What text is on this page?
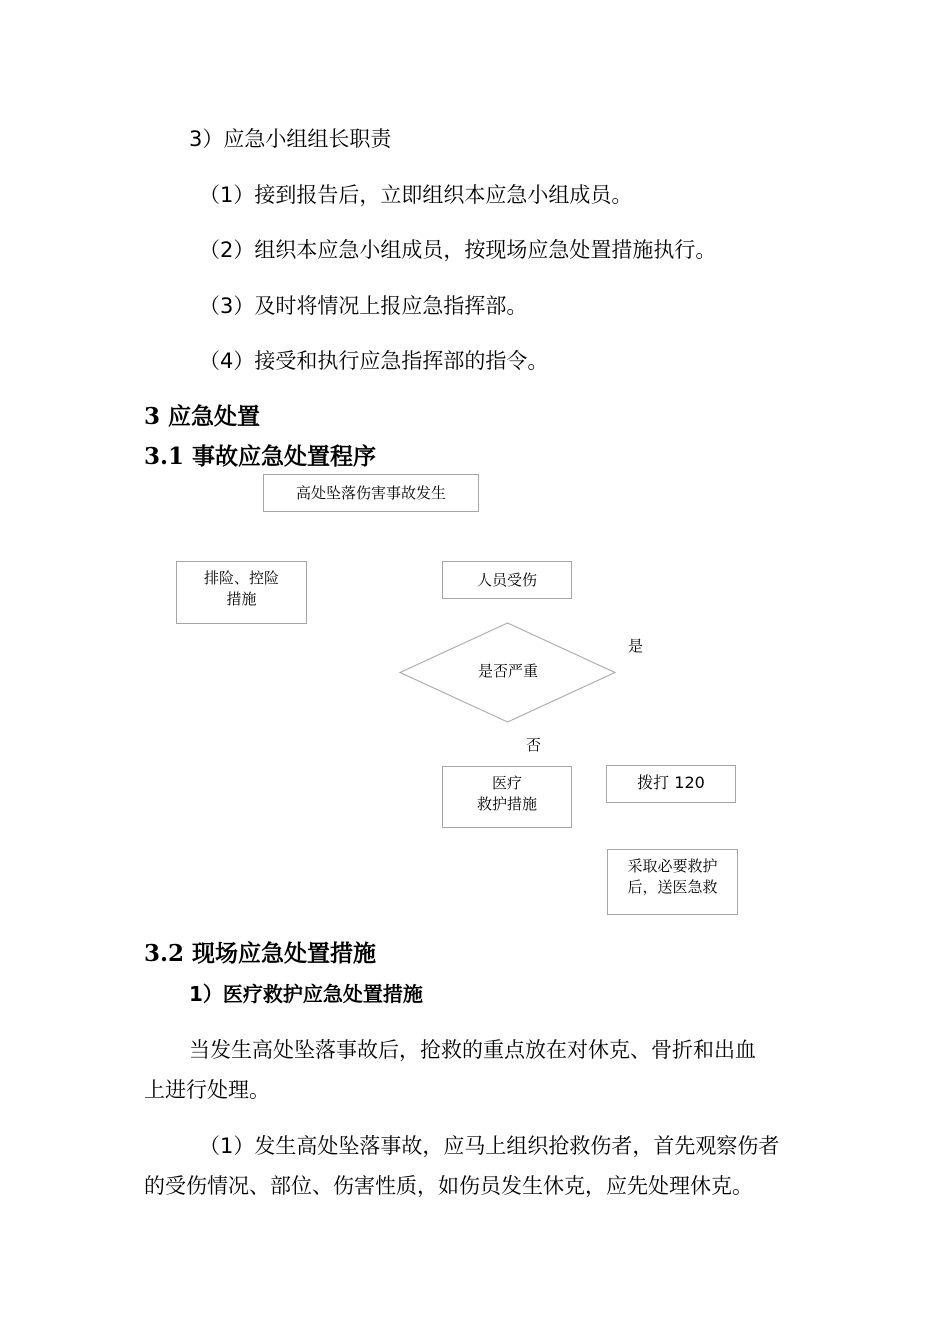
3）应急小组组长职责
（1）接到报告后，立即组织本应急小组成员。
（2）组织本应急小组成员，按现场应急处置措施执行。
（3）及时将情况上报应急指挥部。
（4）接受和执行应急指挥部的指令。
3 应急处置
3.1 事故应急处置程序
高处坠落伤害事故发生
排险、控险
措施
人员受伤
是否严重
是
否
医疗
救护措施
拨打 120
采取必要救护
后，送医急救
3.2 现场应急处置措施
1）医疗救护应急处置措施
当发生高处坠落事故后，抢救的重点放在对休克、骨折和出血
上进行处理。
（1）发生高处坠落事故，应马上组织抢救伤者，首先观察伤者
的受伤情况、部位、伤害性质，如伤员发生休克，应先处理休克。
